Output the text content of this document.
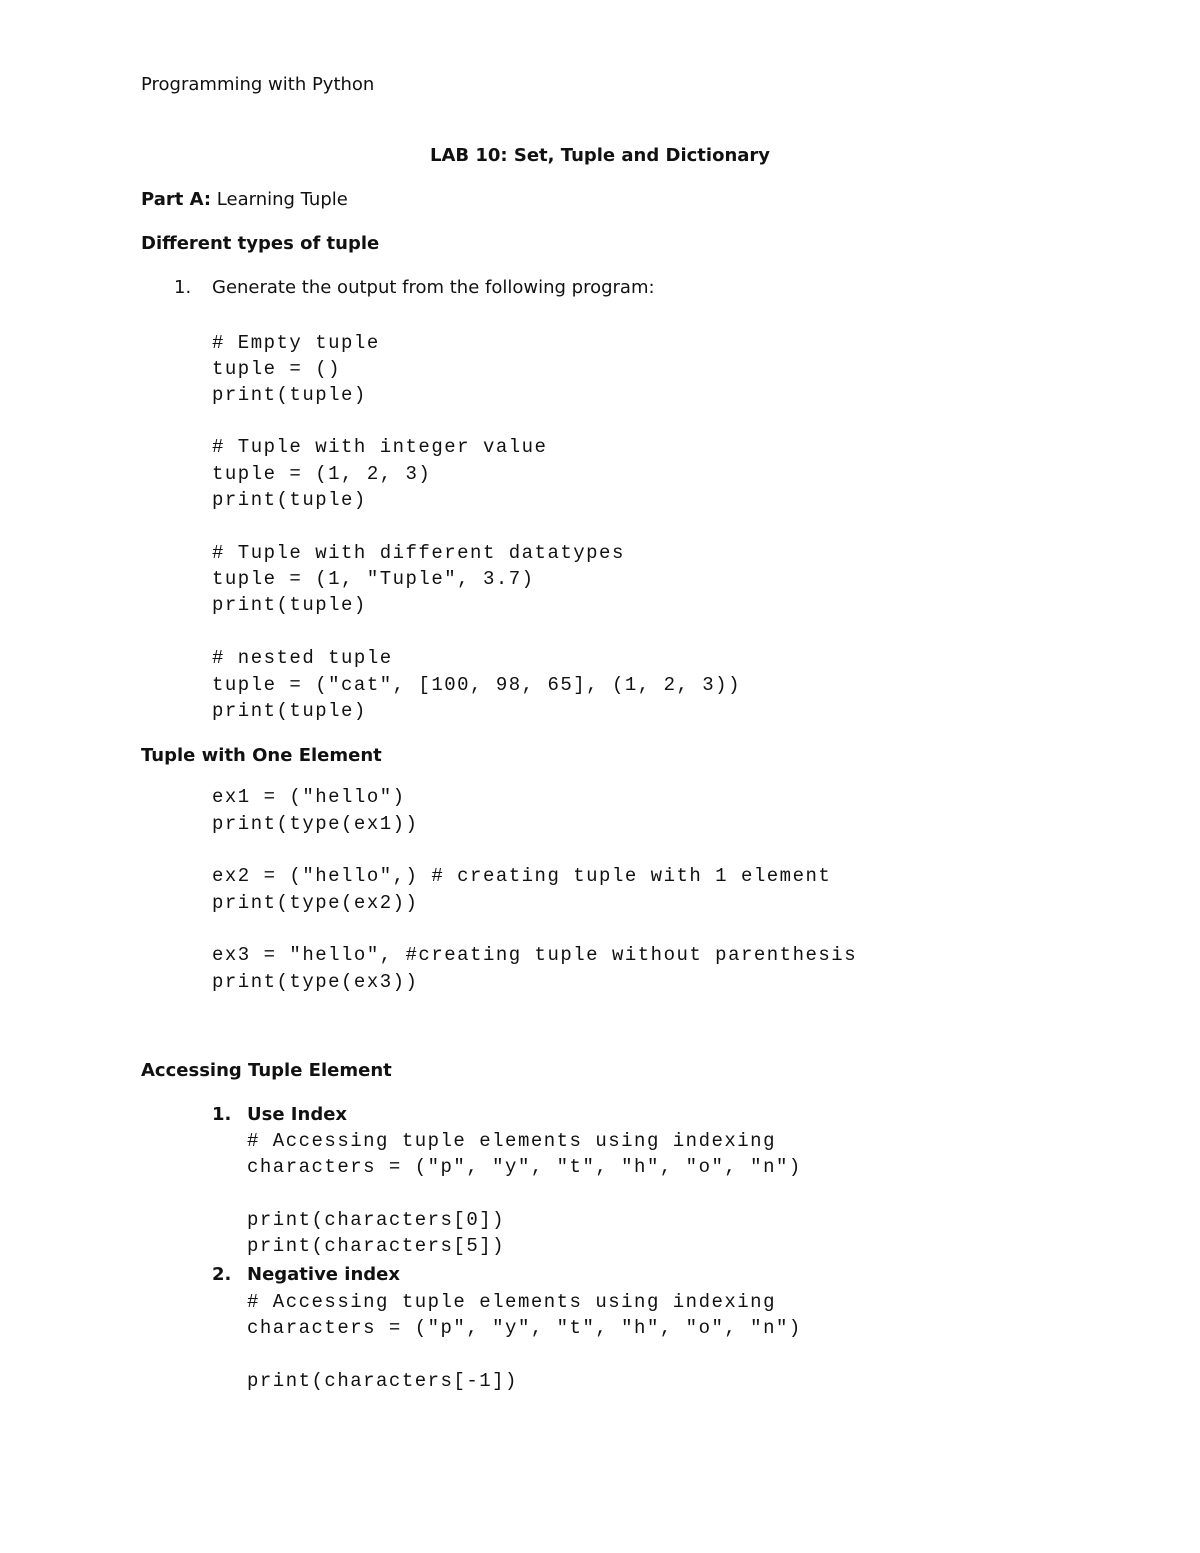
Programming with Python
LAB 10: Set, Tuple and Dictionary
Part A: Learning Tuple
Different types of tuple
1. Generate the output from the following program:
# Empty tuple
tuple = ()
print(tuple)
# Tuple with integer value
tuple = (1, 2, 3)
print(tuple)
# Tuple with different datatypes
tuple = (1, "Tuple", 3.7)
print(tuple)
# nested tuple
tuple = ("cat", [100, 98, 65], (1, 2, 3))
print(tuple)
Tuple with One Element
ex1 = ("hello")
print(type(ex1))
ex2 = ("hello",) # creating tuple with 1 element
print(type(ex2))
ex3 = "hello", #creating tuple without parenthesis
print(type(ex3))
Accessing Tuple Element
1. Use Index
# Accessing tuple elements using indexing
characters = ("p", "y", "t", "h", "o", "n")
print(characters[0])
print(characters[5])
2. Negative index
# Accessing tuple elements using indexing
characters = ("p", "y", "t", "h", "o", "n")
print(characters[-1])
